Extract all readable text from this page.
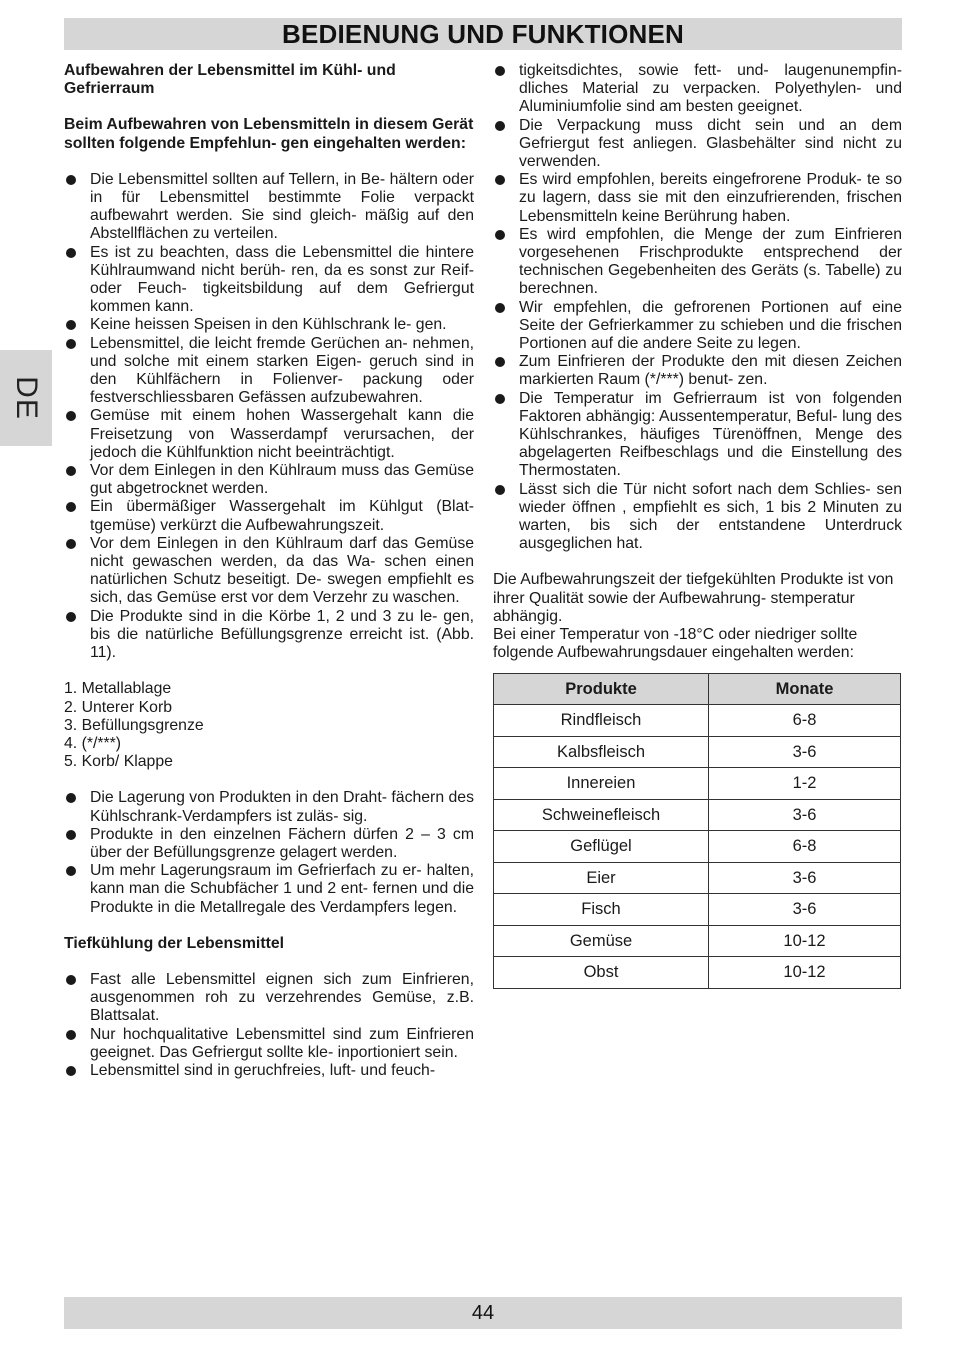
BEDIENUNG UND FUNKTIONEN
DE

Aufbewahren der Lebensmittel im Kühl- und Gefrierraum

Beim Aufbewahren von Lebensmitteln in diesem Gerät sollten folgende Empfehlun- gen eingehalten werden:

Die Lebensmittel sollten auf Tellern, in Be- hältern oder in für Lebensmittel bestimmte Folie verpackt aufbewahrt werden. Sie sind gleich- mäßig auf den Abstellflächen zu verteilen.
Es ist zu beachten, dass die Lebensmittel die hintere Kühlraumwand nicht berüh- ren, da es sonst zur Reif- oder Feuch- tigkeitsbildung auf dem Gefriergut kommen kann.
Keine heissen Speisen in den Kühlschrank le- gen.
Lebensmittel, die leicht fremde Gerüchen an- nehmen, und solche mit einem starken Eigen- geruch sind in den Kühlfächern in Folienver- packung oder festverschliessbaren Gefässen aufzubewahren.
Gemüse mit einem hohen Wassergehalt kann die Freisetzung von Wasserdampf verursachen, der jedoch die Kühlfunktion nicht beeinträchtigt.
Vor dem Einlegen in den Kühlraum muss das Gemüse gut abgetrocknet werden.
Ein übermäßiger Wassergehalt im Kühlgut (Blat- tgemüse) verkürzt die Aufbewahrungszeit.
Vor dem Einlegen in den Kühlraum darf das Gemüse nicht gewaschen werden, da das Wa- schen einen natürlichen Schutz beseitigt. De- swegen empfiehlt es sich, das Gemüse erst vor dem Verzehr zu waschen.
Die Produkte sind in die Körbe 1, 2 und 3 zu le- gen, bis die natürliche Befüllungsgrenze erreicht ist. (Abb. 11).
1. Metallablage
2. Unterer Korb
3. Befüllungsgrenze
4. (*/***)
5. Korb/ Klappe
Die Lagerung von Produkten in den Draht- fächern des Kühlschrank-Verdampfers ist zuläs- sig.
Produkte in den einzelnen Fächern dürfen 2 – 3 cm über der Befüllungsgrenze gelagert werden.
Um mehr Lagerungsraum im Gefrierfach zu er- halten, kann man die Schubfächer 1 und 2 ent- fernen und die Produkte in die Metallregale des Verdampfers legen.

Tiefkühlung der Lebensmittel

Fast alle Lebensmittel eignen sich zum Einfrieren, ausgenommen roh zu verzehrendes Gemüse, z.B. Blattsalat.
Nur hochqualitative Lebensmittel sind zum Einfrieren geeignet. Das Gefriergut sollte kle- inportioniert sein.
Lebensmittel sind in geruchfreies, luft- und feuch-
tigkeitsdichtes, sowie fett- und- laugenunempfin- dliches Material zu verpacken. Polyethylen- und Aluminiumfolie sind am besten geeignet.
Die Verpackung muss dicht sein und an dem Gefriergut fest anliegen. Glasbehälter sind nicht zu verwenden.
Es wird empfohlen, bereits eingefrorene Produk- te so zu lagern, dass sie mit den einzufrierenden, frischen Lebensmitteln keine Berührung haben.
Es wird empfohlen, die Menge der zum Einfrieren vorgesehenen Frischprodukte entsprechend der technischen Gegebenheiten des Geräts (s. Tabelle) zu berechnen.
Wir empfehlen, die gefrorenen Portionen auf eine Seite der Gefrierkammer zu schieben und die frischen Portionen auf die andere Seite zu legen.
Zum Einfrieren der Produkte den mit diesen Zeichen markierten Raum (*/***) benut- zen.
Die Temperatur im Gefrierraum ist von folgenden Faktoren abhängig: Aussentemperatur, Beful- lung des Kühlschrankes, häufiges Türenöffnen, Menge des abgelagerten Reifbeschlags und die Einstellung des Thermostaten.
Lässt sich die Tür nicht sofort nach dem Schlies- sen wieder öffnen , empfiehlt es sich, 1 bis 2 Minuten zu warten, bis sich der entstandene Unterdruck ausgeglichen hat.

Die Aufbewahrungszeit der tiefgekühlten Produkte ist von ihrer Qualität sowie der Aufbewahrung- stemperatur abhängig.

Bei einer Temperatur von -18°C oder niedriger sollte folgende Aufbewahrungsdauer eingehalten werden:

Produkte	Monate
Rindfleisch	6-8
Kalbsfleisch	3-6
Innereien	1-2
Schweinefleisch	3-6
Geflügel	6-8
Eier	3-6
Fisch	3-6
Gemüse	10-12
Obst	10-12
44
